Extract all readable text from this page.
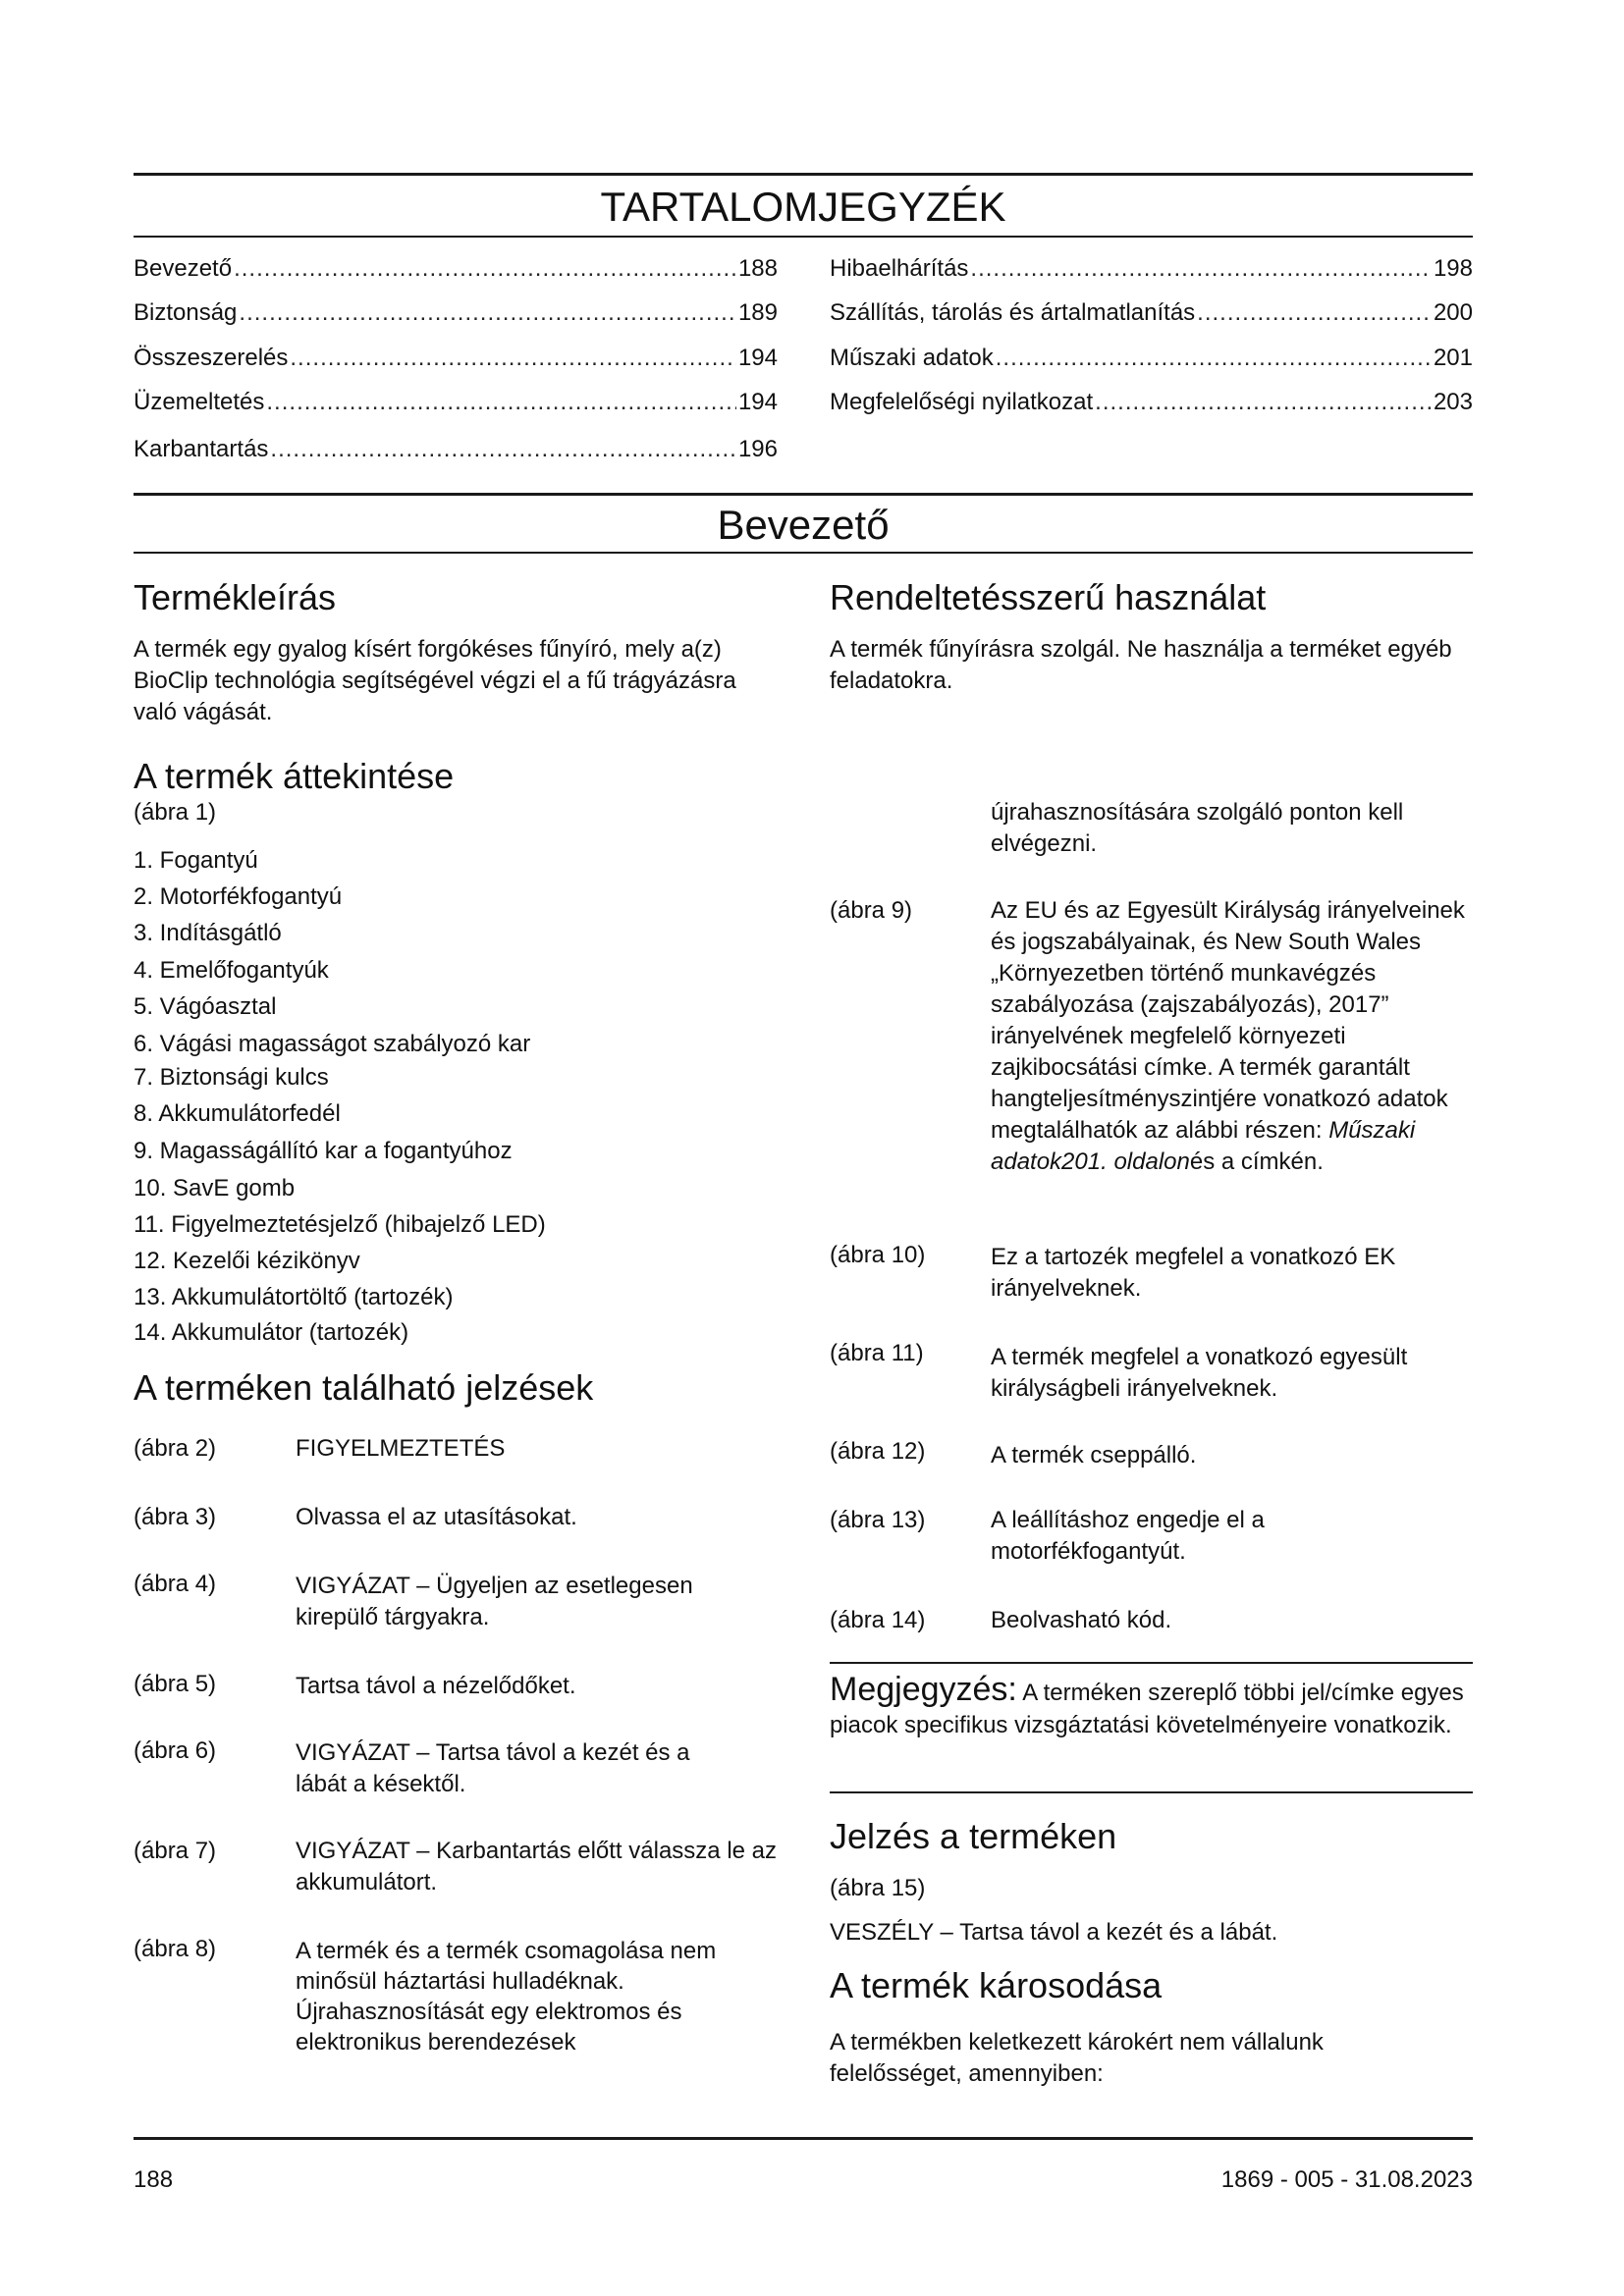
TARTALOMJEGYZÉK
Bevezető .....	188
Biztonság .....	189
Összeszerelés .....	194
Üzemeltetés .....	194
Karbantartás .....	196
Hibaelhárítás .....	198
Szállítás, tárolás és ártalmatlanítás .....	200
Műszaki adatok .....	201
Megfelelőségi nyilatkozat .....	203
Bevezető
Termékleírás
A termék egy gyalog kísért forgókéses fűnyíró, mely a(z) BioClip technológia segítségével végzi el a fű trágyázásra való vágását.
A termék áttekintése
(ábra 1)
1. Fogantyú
2. Motorfékfogantyú
3. Indításgátló
4. Emelőfogantyúk
5. Vágóasztal
6. Vágási magasságot szabályozó kar
7. Biztonsági kulcs
8. Akkumulátorfedél
9. Magasságállító kar a fogantyúhoz
10. SavE gomb
11. Figyelmeztetésjelző (hibajelző LED)
12. Kezelői kézikönyv
13. Akkumulátortöltő (tartozék)
14. Akkumulátor (tartozék)
A terméken található jelzések
(ábra 2)	FIGYELMEZTETÉS
(ábra 3)	Olvassa el az utasításokat.
(ábra 4)	VIGYÁZAT – Ügyeljen az esetlegesen kirepülő tárgyakra.
(ábra 5)	Tartsa távol a nézelődőket.
(ábra 6)	VIGYÁZAT – Tartsa távol a kezét és a lábát a késektől.
(ábra 7)	VIGYÁZAT – Karbantartás előtt válassza le az akkumulátort.
(ábra 8)	A termék és a termék csomagolása nem minősül háztartási hulladéknak. Újrahasznosítását egy elektromos és elektronikus berendezések
Rendeltetésszerű használat
A termék fűnyírásra szolgál. Ne használja a terméket egyéb feladatokra.
újrahasznosítására szolgáló ponton kell elvégezni.
(ábra 9)	Az EU és az Egyesült Királyság irányelveinek és jogszabályainak, és New South Wales „Környezetben történő munkavégzés szabályozása (zajszabályozás), 2017” irányelvének megfelelő környezeti zajkibocsátási címke. A termék garantált hangteljesítményszintjére vonatkozó adatok megtalálhatók az alábbi részen: Műszaki adatok201. oldalonés a címkén.
(ábra 10)	Ez a tartozék megfelel a vonatkozó EK irányelveknek.
(ábra 11)	A termék megfelel a vonatkozó egyesült királyságbeli irányelveknek.
(ábra 12)	A termék cseppálló.
(ábra 13)	A leállításhoz engedje el a motorfékfogantyút.
(ábra 14)	Beolvasható kód.
Megjegyzés: A terméken szereplő többi jel/címke egyes piacok specifikus vizsgáztatási követelményeire vonatkozik.
Jelzés a terméken
(ábra 15)
VESZÉLY – Tartsa távol a kezét és a lábát.
A termék károsodása
A termékben keletkezett károkért nem vállalunk felelősséget, amennyiben:
188	1869 - 005 - 31.08.2023
